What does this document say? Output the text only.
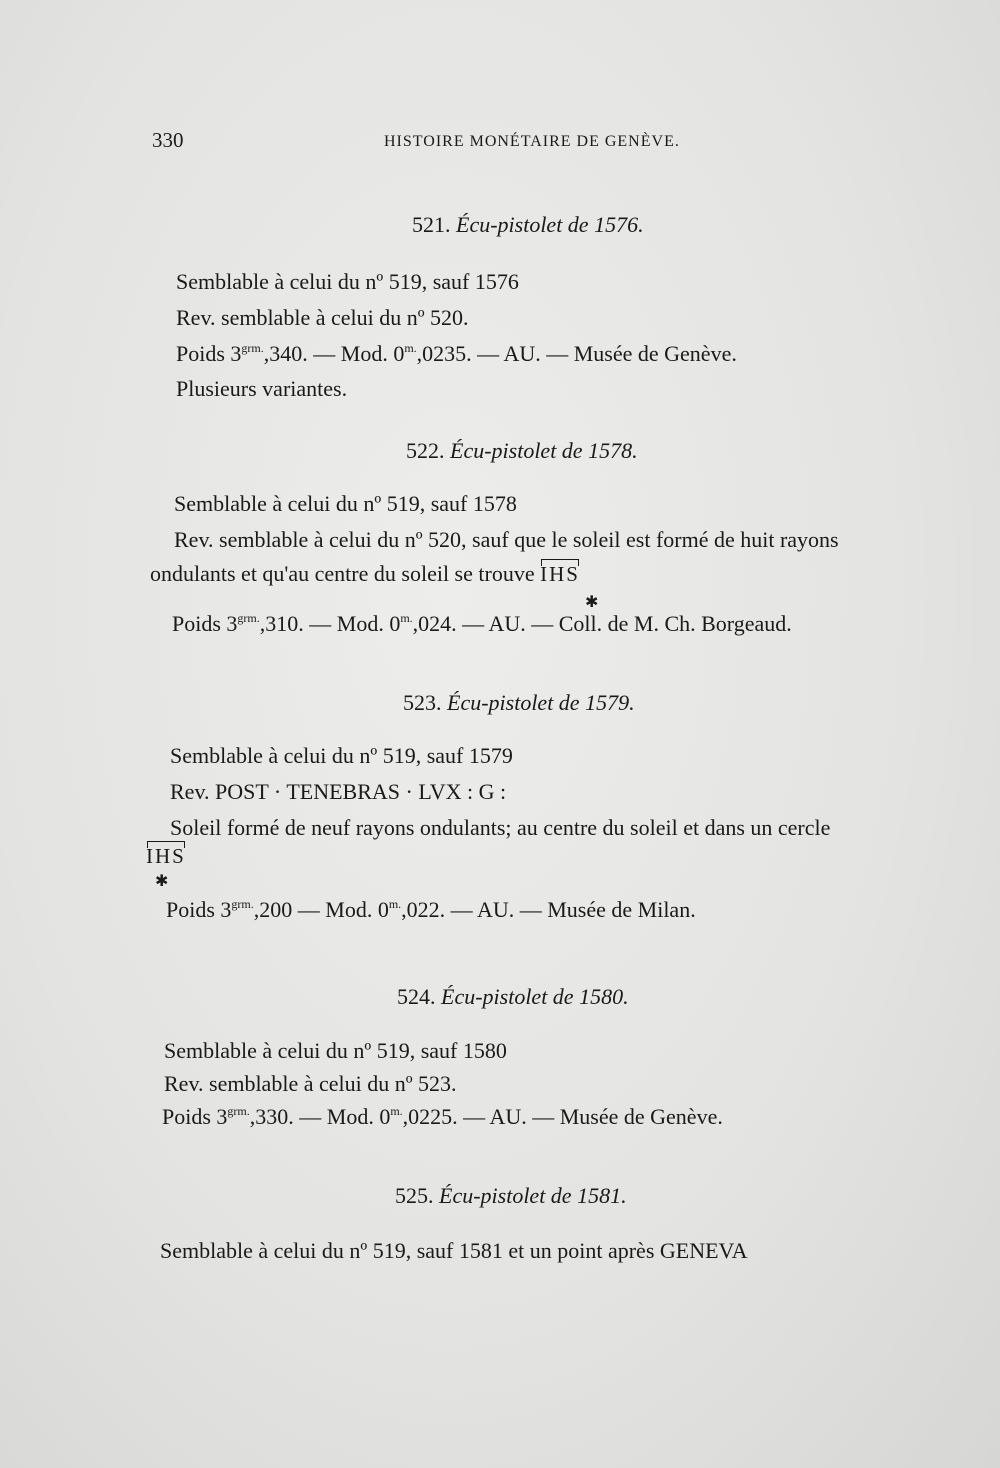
330	HISTOIRE MONÉTAIRE DE GENÈVE.
521. Écu-pistolet de 1576.
Semblable à celui du nº 519, sauf 1576
Rev. semblable à celui du nº 520.
Poids $3^{grm.},340$. — Mod. $0^{m.},0235$. — AU. — Musée de Genève.
Plusieurs variantes.
522. Écu-pistolet de 1578.
Semblable à celui du nº 519, sauf 1578
Rev. semblable à celui du nº 520, sauf que le soleil est formé de huit rayons
ondulants et qu'au centre du soleil se trouve IHS
✱
Poids $3^{grm.},310$. — Mod. $0^{m.},024$. — AU. — Coll. de M. Ch. Borgeaud.
523. Écu-pistolet de 1579.
Semblable à celui du nº 519, sauf 1579
Rev. POST · TENEBRAS · LVX : G :
Soleil formé de neuf rayons ondulants; au centre du soleil et dans un cercle
IHS
✱
Poids $3^{grm.},200$ — Mod. $0^{m.},022$. — AU. — Musée de Milan.
524. Écu-pistolet de 1580.
Semblable à celui du nº 519, sauf 1580
Rev. semblable à celui du nº 523.
Poids $3^{grm.},330$. — Mod. $0^{m.},0225$. — AU. — Musée de Genève.
525. Écu-pistolet de 1581.
Semblable à celui du nº 519, sauf 1581 et un point après GENEVA
